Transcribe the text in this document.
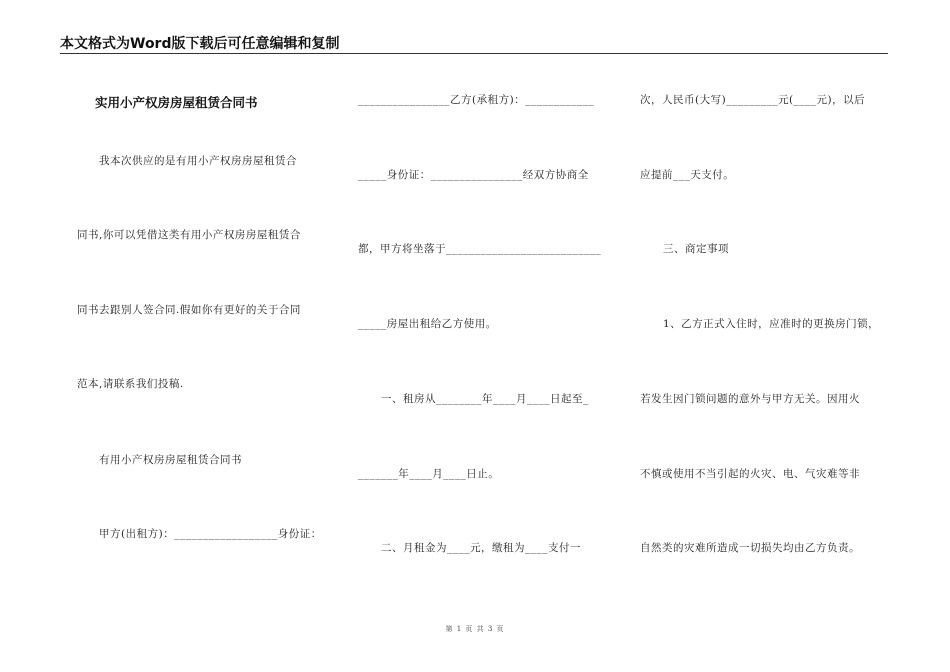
本文格式为Word版下载后可任意编辑和复制
实用小产权房房屋租赁合同书
我本次供应的是有用小产权房房屋租赁合
同书,你可以凭借这类有用小产权房房屋租赁合
同书去跟别人签合同.假如你有更好的关于合同
范本,请联系我们投稿.
有用小产权房房屋租赁合同书
甲方(出租方)：__________________身份证：
________________乙方(承租方)：____________
_____身份证：________________经双方协商全
都，甲方将坐落于___________________________
_____房屋出租给乙方使用。
一、租房从________年____月____日起至_
_______年____月____日止。
二、月租金为____元，缴租为____支付一
次，人民币(大写)_________元(____元)，以后
应提前___天支付。
三、商定事项
1、乙方正式入住时，应准时的更换房门锁，
若发生因门锁问题的意外与甲方无关。因用火
不慎或使用不当引起的火灾、电、气灾难等非
自然类的灾难所造成一切损失均由乙方负责。
第 1 页 共 3 页
